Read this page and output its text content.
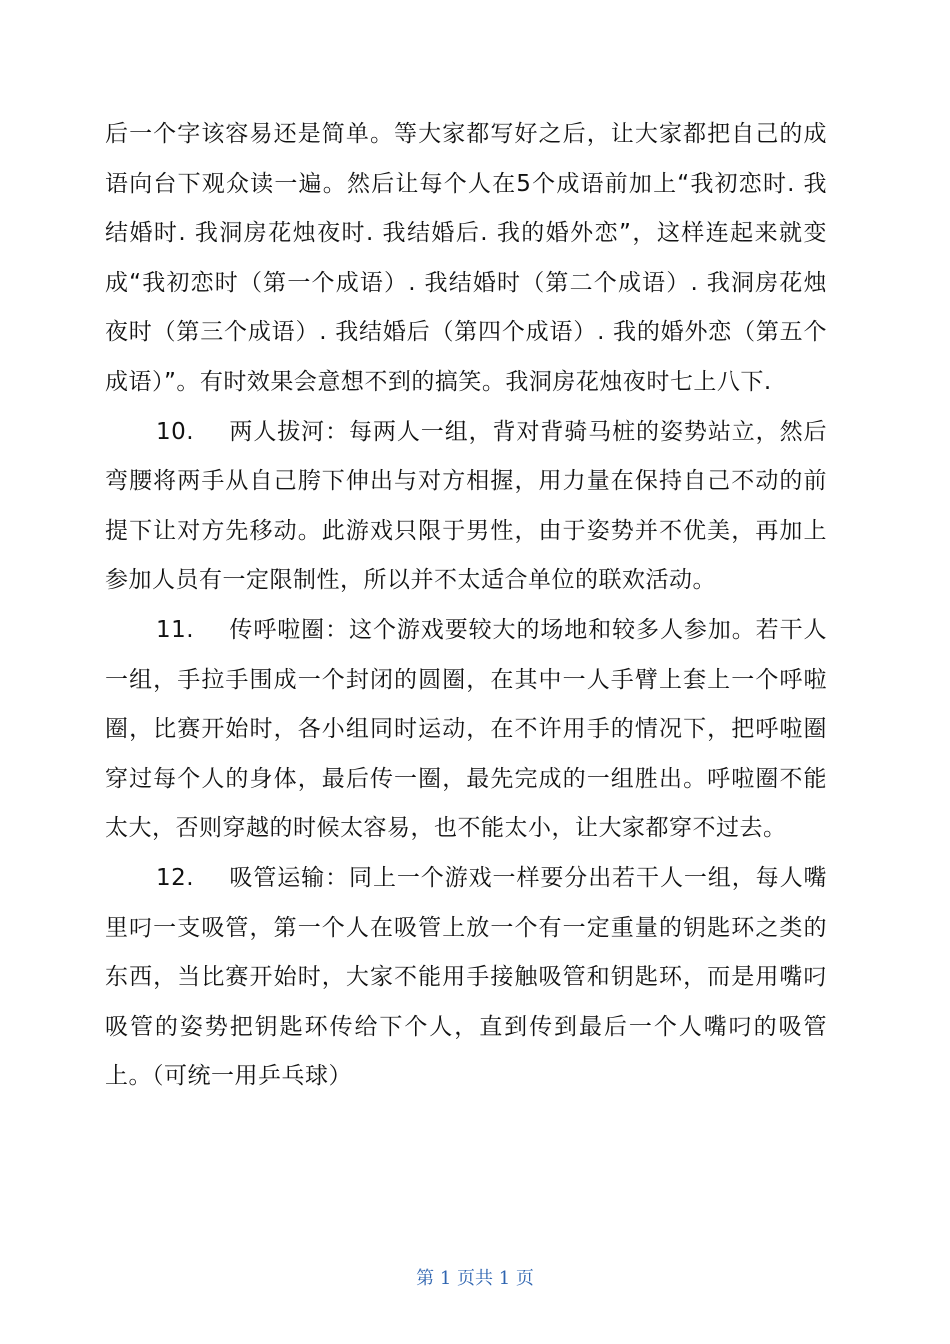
后一个字该容易还是简单。等大家都写好之后，让大家都把自己的成语向台下观众读一遍。然后让每个人在5个成语前加上“我初恋时. 我结婚时. 我洞房花烛夜时. 我结婚后. 我的婚外恋”，这样连起来就变成“我初恋时（第一个成语）. 我结婚时（第二个成语）. 我洞房花烛夜时（第三个成语）. 我结婚后（第四个成语）. 我的婚外恋（第五个成语）”。有时效果会意想不到的搞笑。我洞房花烛夜时七上八下.

10. 两人拔河：每两人一组，背对背骑马桩的姿势站立，然后弯腰将两手从自己胯下伸出与对方相握，用力量在保持自己不动的前提下让对方先移动。此游戏只限于男性，由于姿势并不优美，再加上参加人员有一定限制性，所以并不太适合单位的联欢活动。

11. 传呼啦圈：这个游戏要较大的场地和较多人参加。若干人一组，手拉手围成一个封闭的圆圈，在其中一人手臂上套上一个呼啦圈，比赛开始时，各小组同时运动，在不许用手的情况下，把呼啦圈穿过每个人的身体，最后传一圈，最先完成的一组胜出。呼啦圈不能太大，否则穿越的时候太容易，也不能太小，让大家都穿不过去。

12. 吸管运输：同上一个游戏一样要分出若干人一组，每人嘴里叼一支吸管，第一个人在吸管上放一个有一定重量的钥匙环之类的东西，当比赛开始时，大家不能用手接触吸管和钥匙环，而是用嘴叼吸管的姿势把钥匙环传给下个人，直到传到最后一个人嘴叼的吸管上。（可统一用乒乓球）

第 1 页共 1 页
